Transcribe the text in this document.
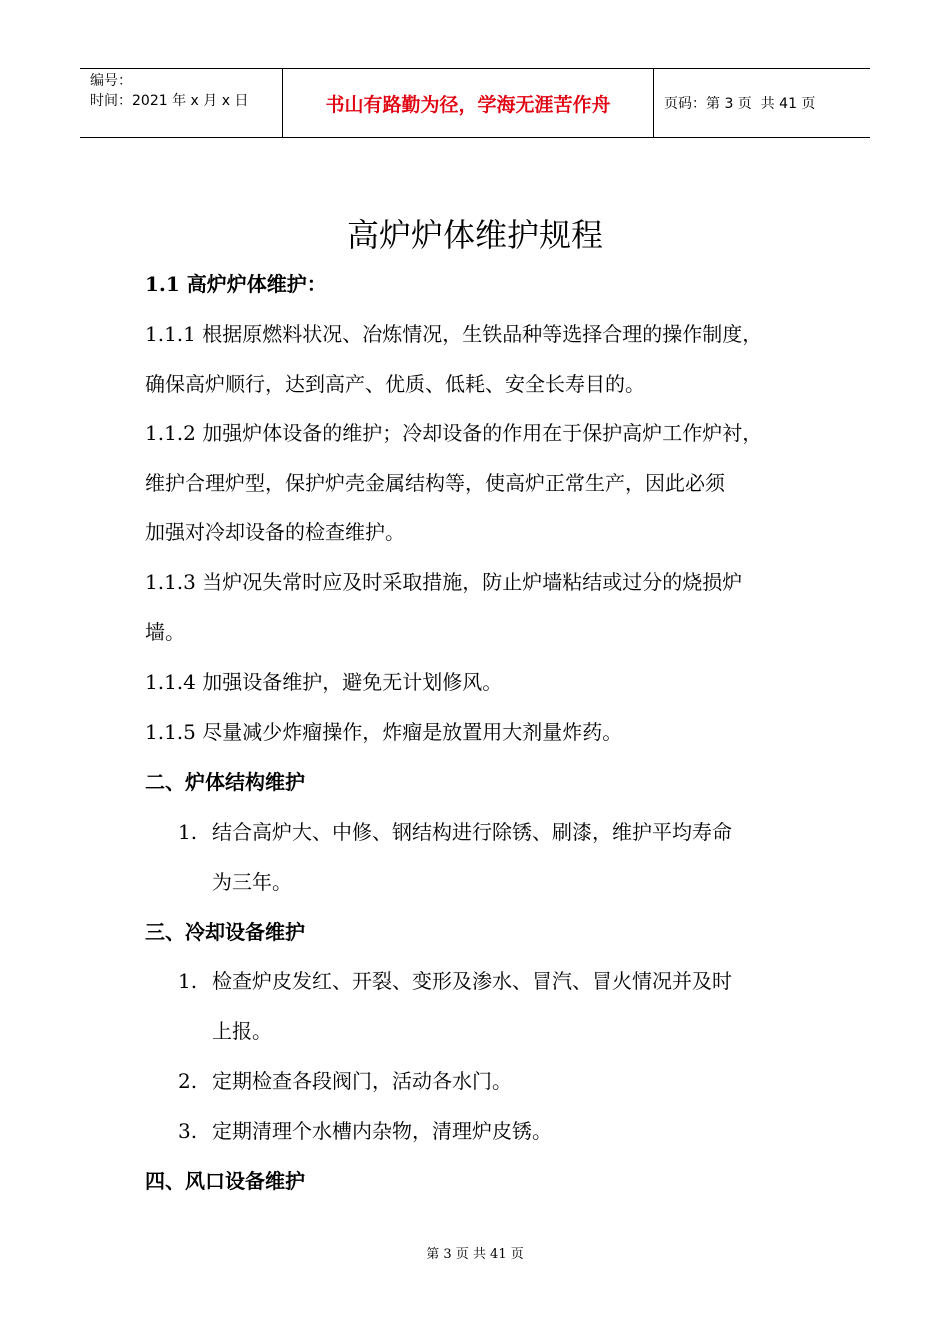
编号：
时间：2021 年 x 月 x 日	书山有路勤为径，学海无涯苦作舟	页码：第 3 页  共 41 页
高炉炉体维护规程
1.1 高炉炉体维护：
1.1.1 根据原燃料状况、冶炼情况，生铁品种等选择合理的操作制度，
确保高炉顺行，达到高产、优质、低耗、安全长寿目的。
1.1.2 加强炉体设备的维护；冷却设备的作用在于保护高炉工作炉衬，
维护合理炉型，保护炉壳金属结构等，使高炉正常生产，因此必须
加强对冷却设备的检查维护。
1.1.3 当炉况失常时应及时采取措施，防止炉墙粘结或过分的烧损炉
墙。
1.1.4 加强设备维护，避免无计划修风。
1.1.5 尽量减少炸瘤操作，炸瘤是放置用大剂量炸药。
二、炉体结构维护
1. 结合高炉大、中修、钢结构进行除锈、刷漆，维护平均寿命
为三年。
三、冷却设备维护
1. 检查炉皮发红、开裂、变形及渗水、冒汽、冒火情况并及时
上报。
2. 定期检查各段阀门，活动各水门。
3. 定期清理个水槽内杂物，清理炉皮锈。
四、风口设备维护
第 3 页 共 41 页
